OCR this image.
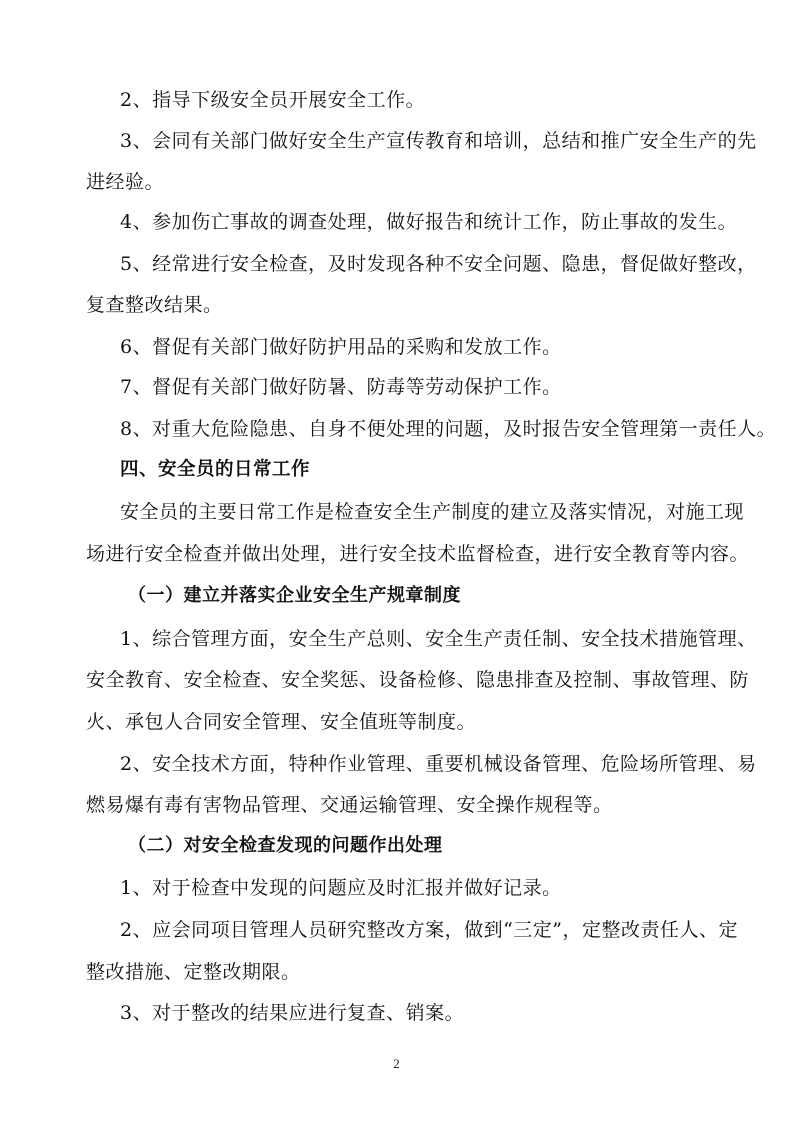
2、指导下级安全员开展安全工作。
3、会同有关部门做好安全生产宣传教育和培训，总结和推广安全生产的先
进经验。
4、参加伤亡事故的调查处理，做好报告和统计工作，防止事故的发生。
5、经常进行安全检查，及时发现各种不安全问题、隐患，督促做好整改，
复查整改结果。
6、督促有关部门做好防护用品的采购和发放工作。
7、督促有关部门做好防暑、防毒等劳动保护工作。
8、对重大危险隐患、自身不便处理的问题，及时报告安全管理第一责任人。
四、安全员的日常工作
安全员的主要日常工作是检查安全生产制度的建立及落实情况，对施工现
场进行安全检查并做出处理，进行安全技术监督检查，进行安全教育等内容。
（一）建立并落实企业安全生产规章制度
1、综合管理方面，安全生产总则、安全生产责任制、安全技术措施管理、
安全教育、安全检查、安全奖惩、设备检修、隐患排查及控制、事故管理、防
火、承包人合同安全管理、安全值班等制度。
2、安全技术方面，特种作业管理、重要机械设备管理、危险场所管理、易
燃易爆有毒有害物品管理、交通运输管理、安全操作规程等。
（二）对安全检查发现的问题作出处理
1、对于检查中发现的问题应及时汇报并做好记录。
2、应会同项目管理人员研究整改方案，做到“三定”，定整改责任人、定
整改措施、定整改期限。
3、对于整改的结果应进行复查、销案。
2
